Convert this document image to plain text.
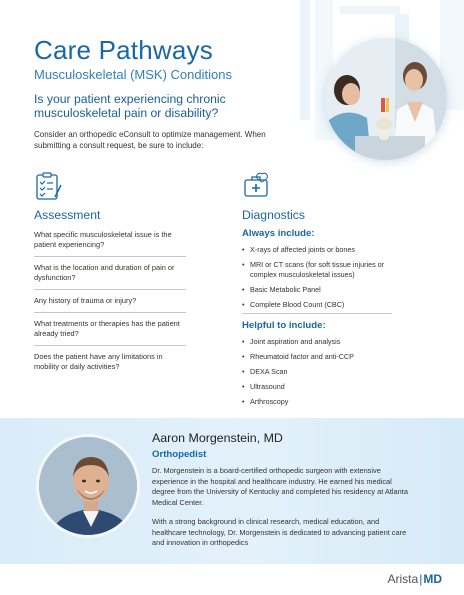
Care Pathways
Musculoskeletal (MSK) Conditions
Is your patient experiencing chronic musculoskeletal pain or disability?
Consider an orthopedic eConsult to optimize management. When submitting a consult request, be sure to include:
Assessment
What specific musculoskeletal issue is the patient experiencing?
What is the location and duration of pain or dysfunction?
Any history of trauma or injury?
What treatments or therapies has the patient already tried?
Does the patient have any limitations in mobility or daily activities?
Diagnostics
Always include:
• X-rays of affected joints or bones
• MRI or CT scans (for soft tissue injuries or complex musculoskeletal issues)
• Basic Metabolic Panel
• Complete Blood Count (CBC)
Helpful to include:
• Joint aspiration and analysis
• Rheumatoid factor and anti-CCP
• DEXA Scan
• Ultrasound
• Arthroscopy
Aaron Morgenstein, MD
Orthopedist
Dr. Morgenstein is a board-certified orthopedic surgeon with extensive experience in the hospital and healthcare industry. He earned his medical degree from the University of Kentucky and completed his residency at Atlanta Medical Center.
With a strong background in clinical research, medical education, and healthcare technology, Dr. Morgenstein is dedicated to advancing patient care and innovation in orthopedics
Arista|MD
